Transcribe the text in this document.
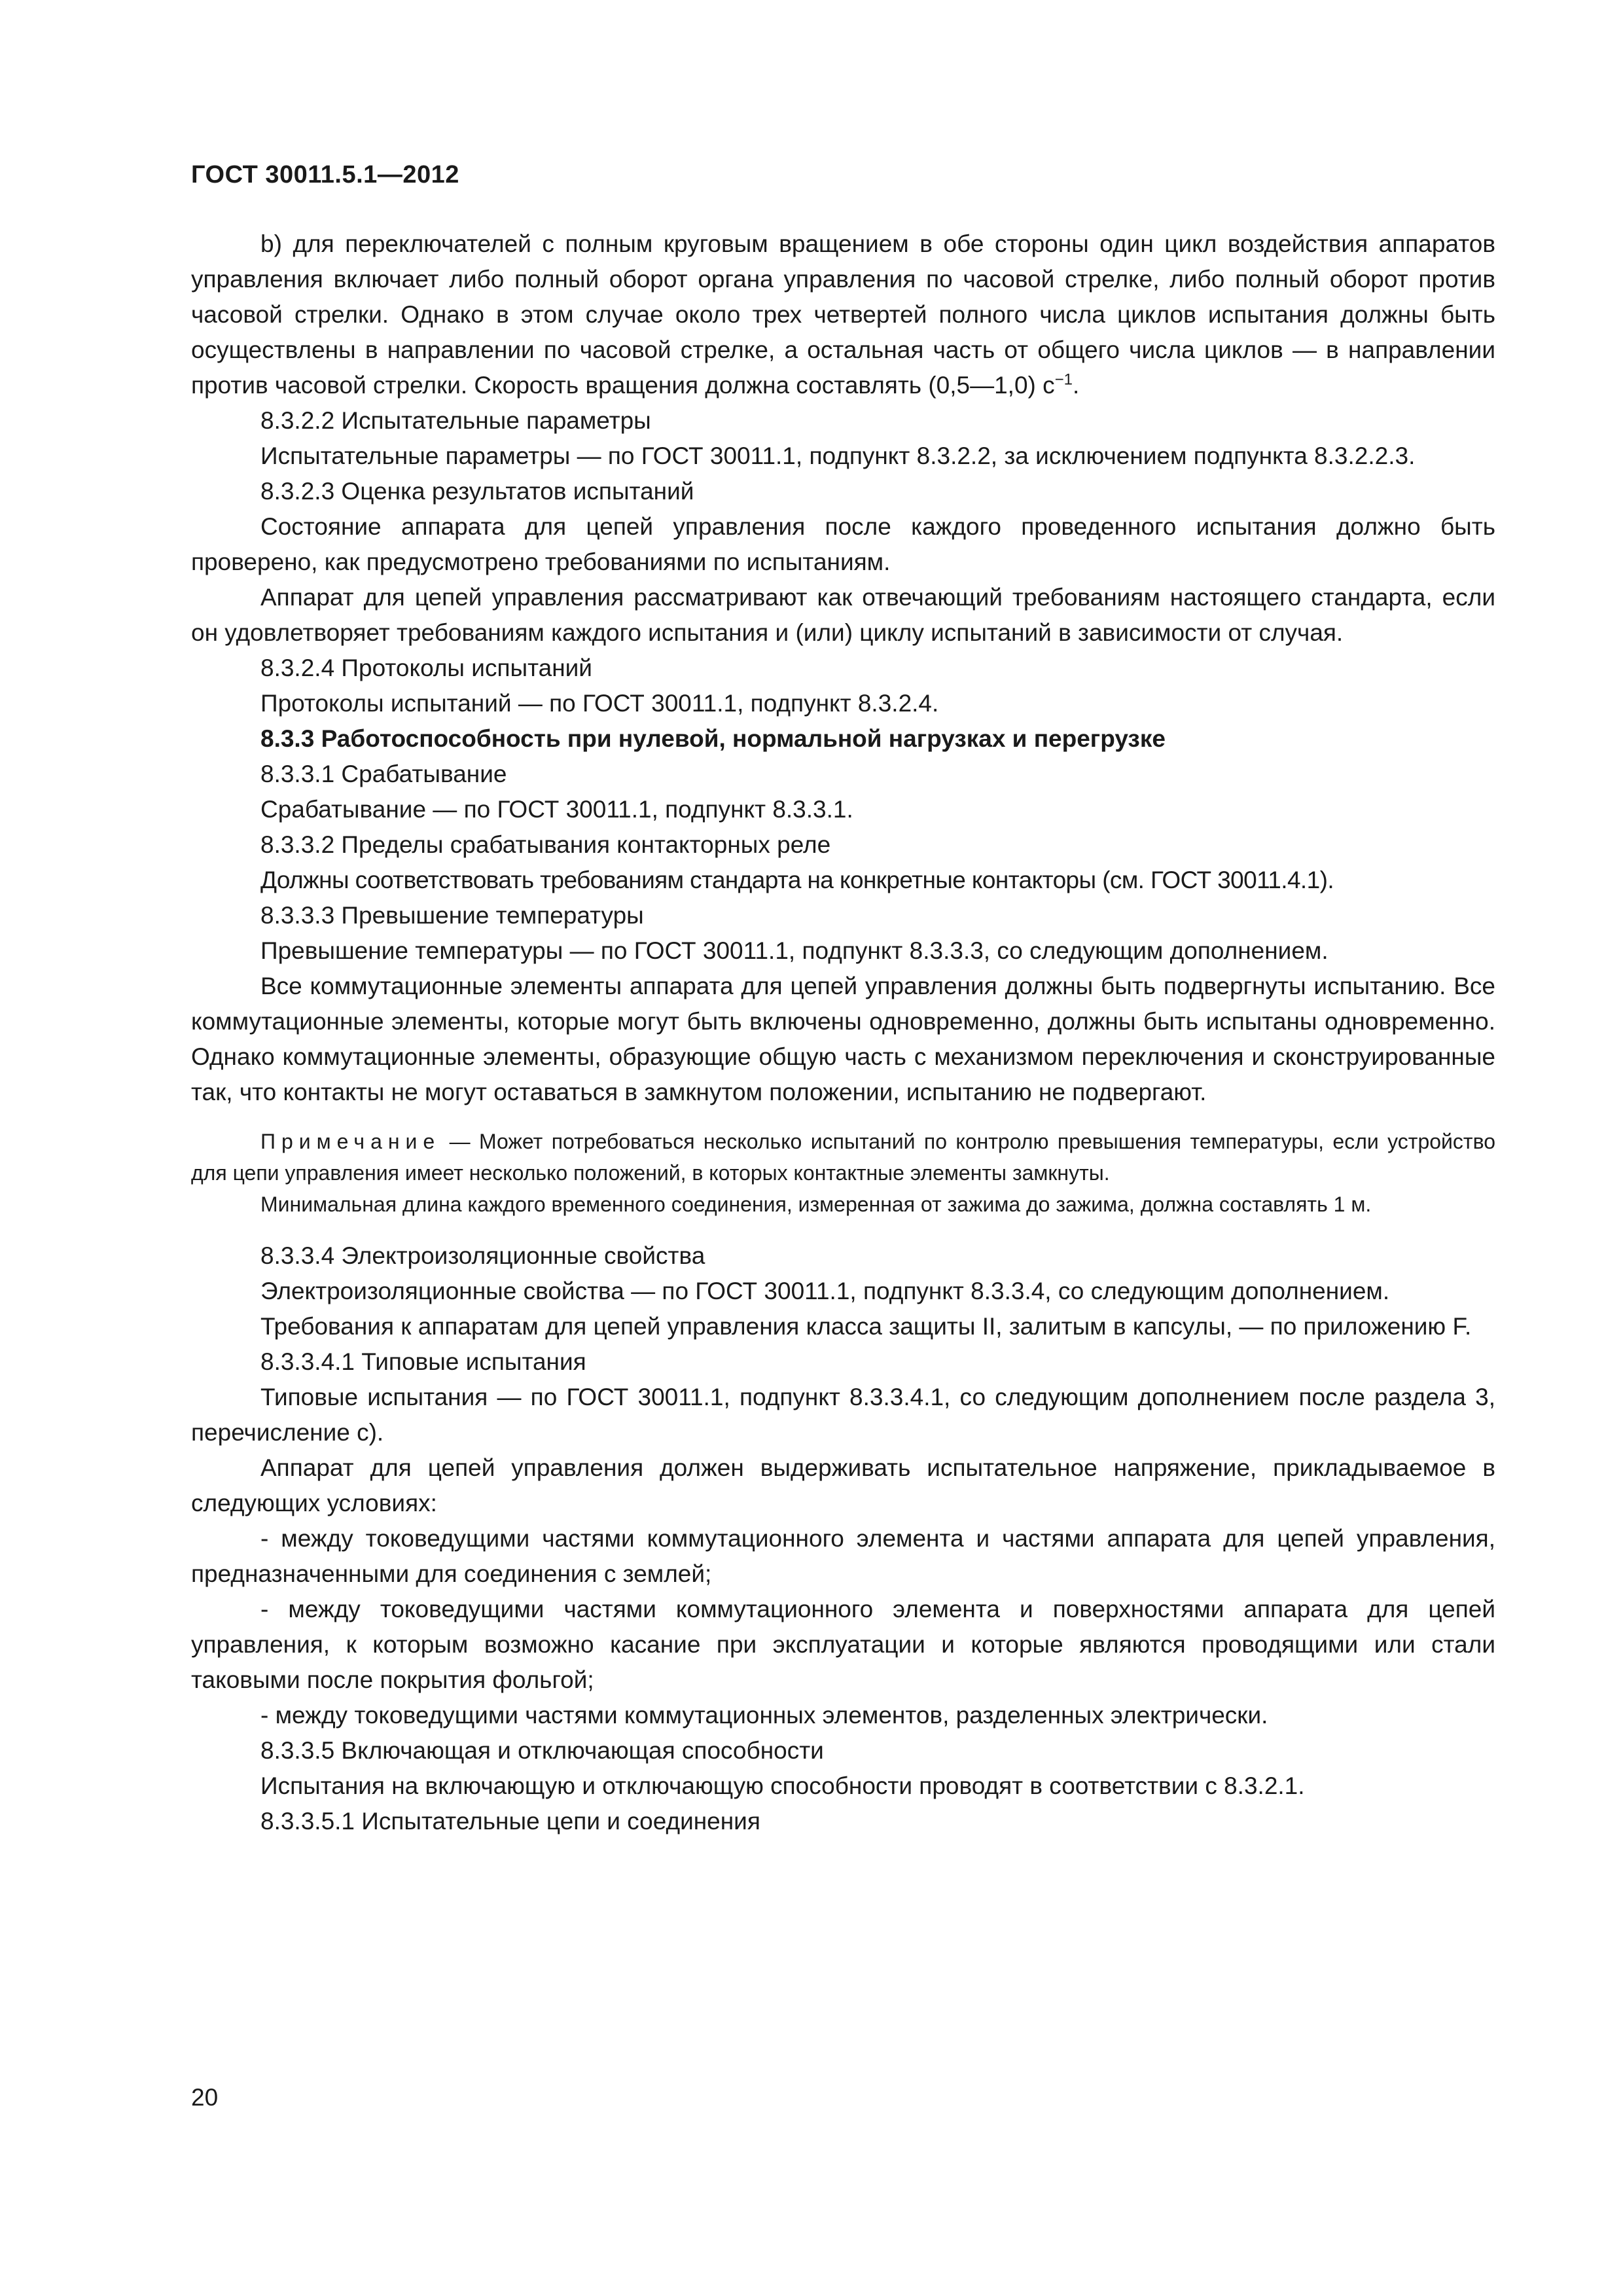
ГОСТ 30011.5.1—2012

b) для переключателей с полным круговым вращением в обе стороны один цикл воздействия аппаратов управления включает либо полный оборот органа управления по часовой стрелке, либо полный оборот против часовой стрелки. Однако в этом случае около трех четвертей полного числа циклов испытания должны быть осуществлены в направлении по часовой стрелке, а остальная часть от общего числа циклов — в направлении против часовой стрелки. Скорость вращения должна составлять (0,5—1,0) $с^{-1}$.

8.3.2.2 Испытательные параметры

Испытательные параметры — по ГОСТ 30011.1, подпункт 8.3.2.2, за исключением подпункта 8.3.2.2.3.

8.3.2.3 Оценка результатов испытаний

Состояние аппарата для цепей управления после каждого проведенного испытания должно быть проверено, как предусмотрено требованиями по испытаниям.

Аппарат для цепей управления рассматривают как отвечающий требованиям настоящего стандарта, если он удовлетворяет требованиям каждого испытания и (или) циклу испытаний в зависимости от случая.

8.3.2.4 Протоколы испытаний

Протоколы испытаний — по ГОСТ 30011.1, подпункт 8.3.2.4.

8.3.3 Работоспособность при нулевой, нормальной нагрузках и перегрузке

8.3.3.1 Срабатывание

Срабатывание — по ГОСТ 30011.1, подпункт 8.3.3.1.

8.3.3.2 Пределы срабатывания контакторных реле

Должны соответствовать требованиям стандарта на конкретные контакторы (см. ГОСТ 30011.4.1).

8.3.3.3 Превышение температуры

Превышение температуры — по ГОСТ 30011.1, подпункт 8.3.3.3, со следующим дополнением.

Все коммутационные элементы аппарата для цепей управления должны быть подвергнуты испытанию. Все коммутационные элементы, которые могут быть включены одновременно, должны быть испытаны одновременно. Однако коммутационные элементы, образующие общую часть с механизмом переключения и сконструированные так, что контакты не могут оставаться в замкнутом положении, испытанию не подвергают.

Примечание — Может потребоваться несколько испытаний по контролю превышения температуры, если устройство для цепи управления имеет несколько положений, в которых контактные элементы замкнуты.

Минимальная длина каждого временного соединения, измеренная от зажима до зажима, должна составлять 1 м.

8.3.3.4 Электроизоляционные свойства

Электроизоляционные свойства — по ГОСТ 30011.1, подпункт 8.3.3.4, со следующим дополнением.

Требования к аппаратам для цепей управления класса защиты II, залитым в капсулы, — по приложению F.

8.3.3.4.1 Типовые испытания

Типовые испытания — по ГОСТ 30011.1, подпункт 8.3.3.4.1, со следующим дополнением после раздела 3, перечисление с).

Аппарат для цепей управления должен выдерживать испытательное напряжение, прикладываемое в следующих условиях:

- между токоведущими частями коммутационного элемента и частями аппарата для цепей управления, предназначенными для соединения с землей;

- между токоведущими частями коммутационного элемента и поверхностями аппарата для цепей управления, к которым возможно касание при эксплуатации и которые являются проводящими или стали таковыми после покрытия фольгой;

- между токоведущими частями коммутационных элементов, разделенных электрически.

8.3.3.5 Включающая и отключающая способности

Испытания на включающую и отключающую способности проводят в соответствии с 8.3.2.1.

8.3.3.5.1 Испытательные цепи и соединения

20
